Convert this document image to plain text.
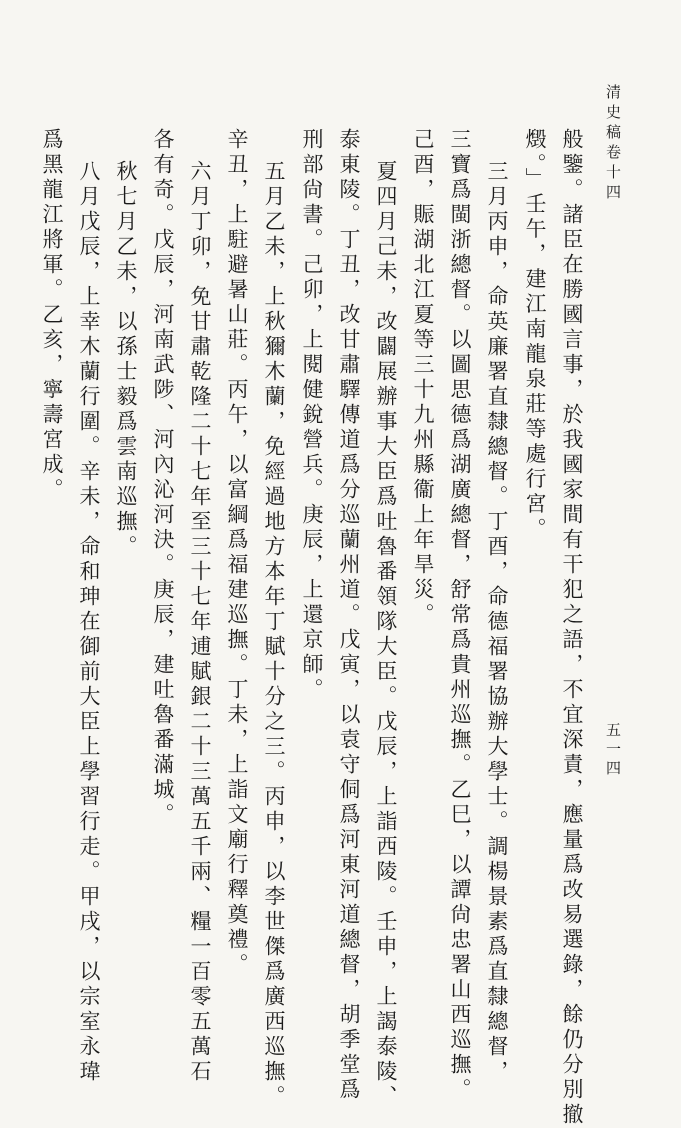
清史稿卷十四
五一四
般鑒。諸臣在勝國言事，於我國家間有干犯之語，不宜深責，應量爲改易選錄，餘仍分別撤
燬。」壬午，建江南龍泉莊等處行宮。
三月丙申，命英廉署直隸總督。丁酉，命德福署協辦大學士。調楊景素爲直隸總督，
三寶爲閩浙總督。以圖思德爲湖廣總督，舒常爲貴州巡撫。乙巳，以譚尙忠署山西巡撫。
己酉，賑湖北江夏等三十九州縣衞上年旱災。
夏四月己未，改闢展辦事大臣爲吐魯番領隊大臣。戊辰，上詣西陵。壬申，上謁泰陵、
泰東陵。丁丑，改甘肅驛傳道爲分巡蘭州道。戊寅，以袁守侗爲河東河道總督，胡季堂爲
刑部尙書。己卯，上閱健銳營兵。庚辰，上還京師。
五月乙未，上秋獮木蘭，免經過地方本年丁賦十分之三。丙申，以李世傑爲廣西巡撫。
辛丑，上駐避暑山莊。丙午，以富綱爲福建巡撫。丁未，上詣文廟行釋奠禮。
六月丁卯，免甘肅乾隆二十七年至三十七年逋賦銀二十三萬五千兩、糧一百零五萬石
各有奇。戊辰，河南武陟、河內沁河決。庚辰，建吐魯番滿城。
秋七月乙未，以孫士毅爲雲南巡撫。
八月戊辰，上幸木蘭行圍。辛未，命和珅在御前大臣上學習行走。甲戌，以宗室永瑋
爲黑龍江將軍。乙亥，寧壽宮成。
